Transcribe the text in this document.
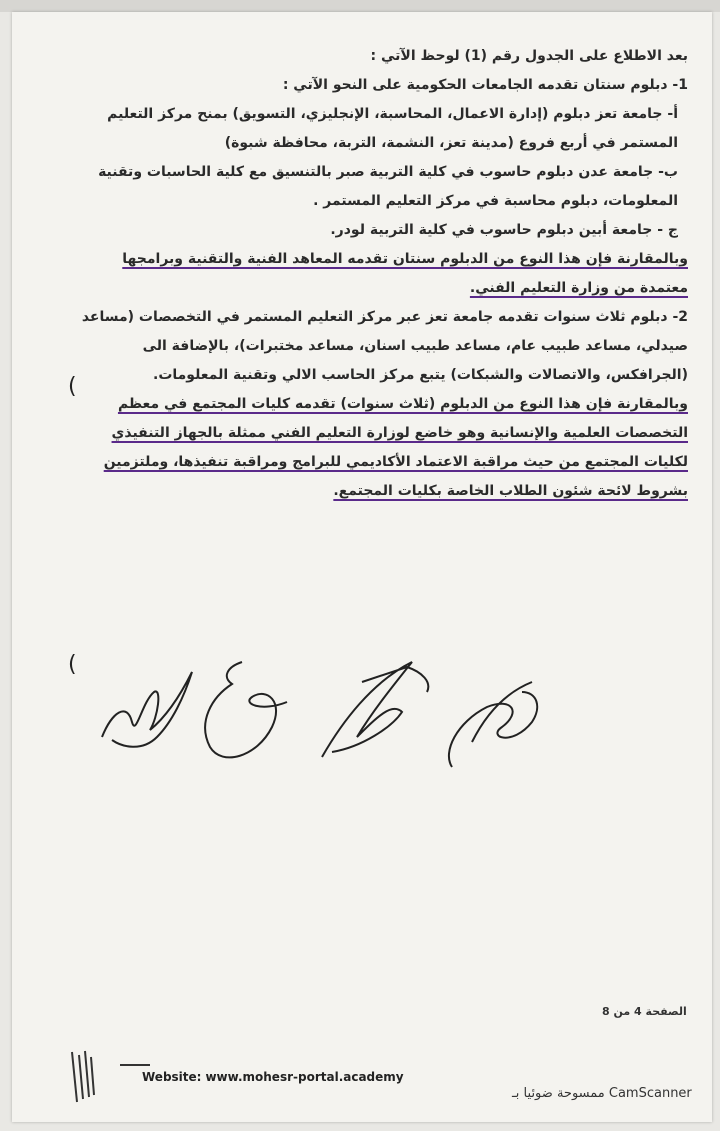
بعد الاطلاع على الجدول رقم (1) لوحظ الآتي :

1- دبلوم سنتان تقدمه الجامعات الحكومية على النحو الآتي :

أ- جامعة تعز دبلوم (إدارة الاعمال، المحاسبة، الإنجليزي، التسويق) بمنح مركز التعليم المستمر في أربع فروع (مدينة تعز، النشمة، التربة، محافظة شبوة)

ب- جامعة عدن دبلوم حاسوب في كلية التربية صبر بالتنسيق مع كلية الحاسبات وتقنية المعلومات، دبلوم محاسبة في مركز التعليم المستمر .

ج - جامعة أبين دبلوم حاسوب في كلية التربية لودر.

وبالمقارنة فإن هذا النوع من الدبلوم سنتان تقدمه المعاهد الفنية والتقنية وبرامجها معتمدة من وزارة التعليم الفني.

2- دبلوم ثلاث سنوات تقدمه جامعة تعز عبر مركز التعليم المستمر في التخصصات (مساعد صيدلي، مساعد طبيب عام، مساعد طبيب اسنان، مساعد مختبرات)، بالإضافة الى (الجرافكس، والاتصالات والشبكات) يتبع مركز الحاسب الالي وتقنية المعلومات.

وبالمقارنة فإن هذا النوع من الدبلوم (ثلاث سنوات) تقدمه كليات المجتمع في معظم التخصصات العلمية والإنسانية وهو خاضع لوزارة التعليم الفني ممثلة بالجهاز التنفيذي لكليات المجتمع من حيث مراقبة الاعتماد الأكاديمي للبرامج ومراقبة تنفيذها، وملتزمين بشروط لائحة شئون الطلاب الخاصة بكليات المجتمع.

(
(
الصفحة 4 من 8
Website: www.mohesr-portal.academy
ممسوحة ضوئيا بـ CamScanner
